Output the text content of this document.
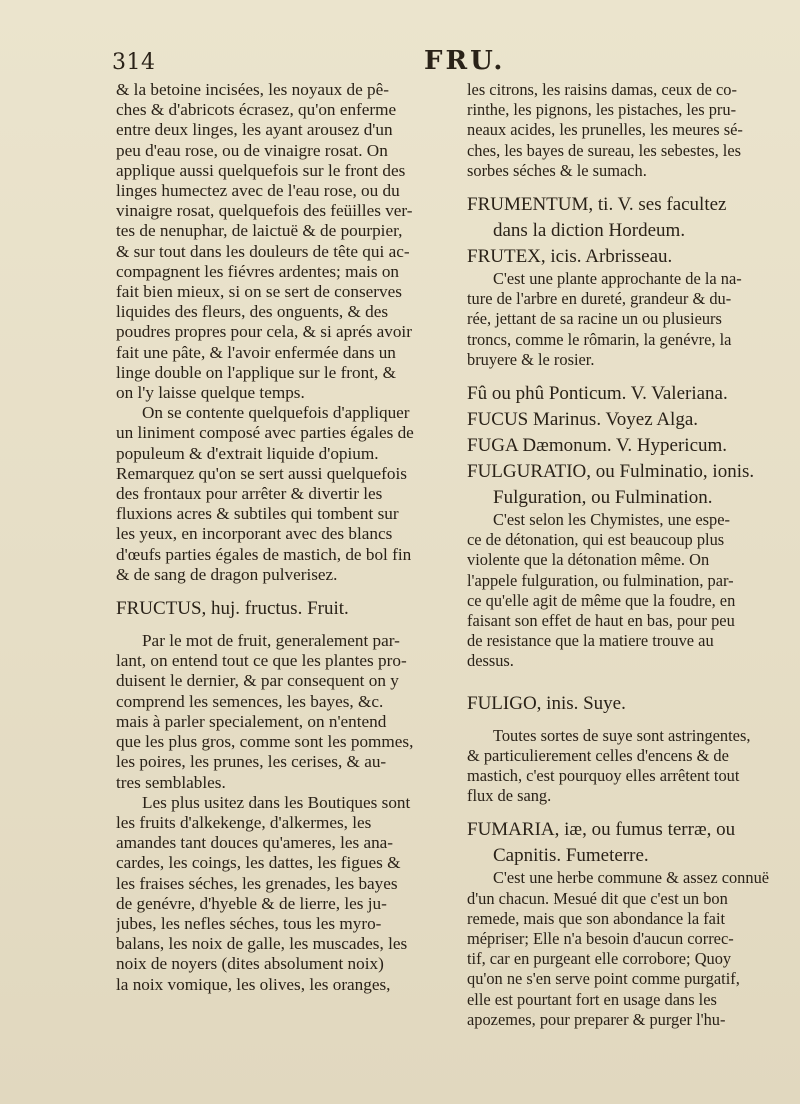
314	FRU.
& la betoine incisées, les noyaux de pê-
ches & d'abricots écrasez, qu'on enferme
entre deux linges, les ayant arousez d'un
peu d'eau rose, ou de vinaigre rosat. On
applique aussi quelquefois sur le front des
linges humectez avec de l'eau rose, ou du
vinaigre rosat, quelquefois des feüilles ver-
tes de nenuphar, de laictuë & de pourpier,
& sur tout dans les douleurs de tête qui ac-
compagnent les fiévres ardentes; mais on
fait bien mieux, si on se sert de conserves
liquides des fleurs, des onguents, & des
poudres propres pour cela, & si aprés avoir
fait une pâte, & l'avoir enfermée dans un
linge double on l'applique sur le front, &
on l'y laisse quelque temps.
On se contente quelquefois d'appliquer
un liniment composé avec parties égales de
populeum & d'extrait liquide d'opium.
Remarquez qu'on se sert aussi quelquefois
des frontaux pour arrêter & divertir les
fluxions acres & subtiles qui tombent sur
les yeux, en incorporant avec des blancs
d'œufs parties égales de mastich, de bol fin
& de sang de dragon pulverisez.
FRUCTUS, huj. fructus. Fruit.
Par le mot de fruit, generalement par-
lant, on entend tout ce que les plantes pro-
duisent le dernier, & par consequent on y
comprend les semences, les bayes, &c.
mais à parler specialement, on n'entend
que les plus gros, comme sont les pommes,
les poires, les prunes, les cerises, & au-
tres semblables.
Les plus usitez dans les Boutiques sont
les fruits d'alkekenge, d'alkermes, les
amandes tant douces qu'ameres, les ana-
cardes, les coings, les dattes, les figues &
les fraises séches, les grenades, les bayes
de genévre, d'hyeble & de lierre, les ju-
jubes, les nefles séches, tous les myro-
balans, les noix de galle, les muscades, les
noix de noyers (dites absolument noix)
la noix vomique, les olives, les oranges,
les citrons, les raisins damas, ceux de co-
rinthe, les pignons, les pistaches, les pru-
neaux acides, les prunelles, les meures sé-
ches, les bayes de sureau, les sebestes, les
sorbes séches & le sumach.
FRUMENTUM, ti. V. ses facultez
dans la diction Hordeum.
FRUTEX, icis. Arbrisseau.
C'est une plante approchante de la na-
ture de l'arbre en dureté, grandeur & du-
rée, jettant de sa racine un ou plusieurs
troncs, comme le rômarin, la genévre, la
bruyere & le rosier.
Fû ou phû Ponticum. V. Valeriana.
FUCUS Marinus. Voyez Alga.
FUGA Dæmonum. V. Hypericum.
FULGURATIO, ou Fulminatio, ionis.
Fulguration, ou Fulmination.
C'est selon les Chymistes, une espe-
ce de détonation, qui est beaucoup plus
violente que la détonation même. On
l'appele fulguration, ou fulmination, par-
ce qu'elle agit de même que la foudre, en
faisant son effet de haut en bas, pour peu
de resistance que la matiere trouve au
dessus.
FULIGO, inis. Suye.
Toutes sortes de suye sont astringentes,
& particulierement celles d'encens & de
mastich, c'est pourquoy elles arrêtent tout
flux de sang.
FUMARIA, iæ, ou fumus terræ, ou
Capnitis. Fumeterre.
C'est une herbe commune & assez connuë
d'un chacun. Mesué dit que c'est un bon
remede, mais que son abondance la fait
mépriser; Elle n'a besoin d'aucun correc-
tif, car en purgeant elle corrobore; Quoy
qu'on ne s'en serve point comme purgatif,
elle est pourtant fort en usage dans les
apozemes, pour preparer & purger l'hu-
